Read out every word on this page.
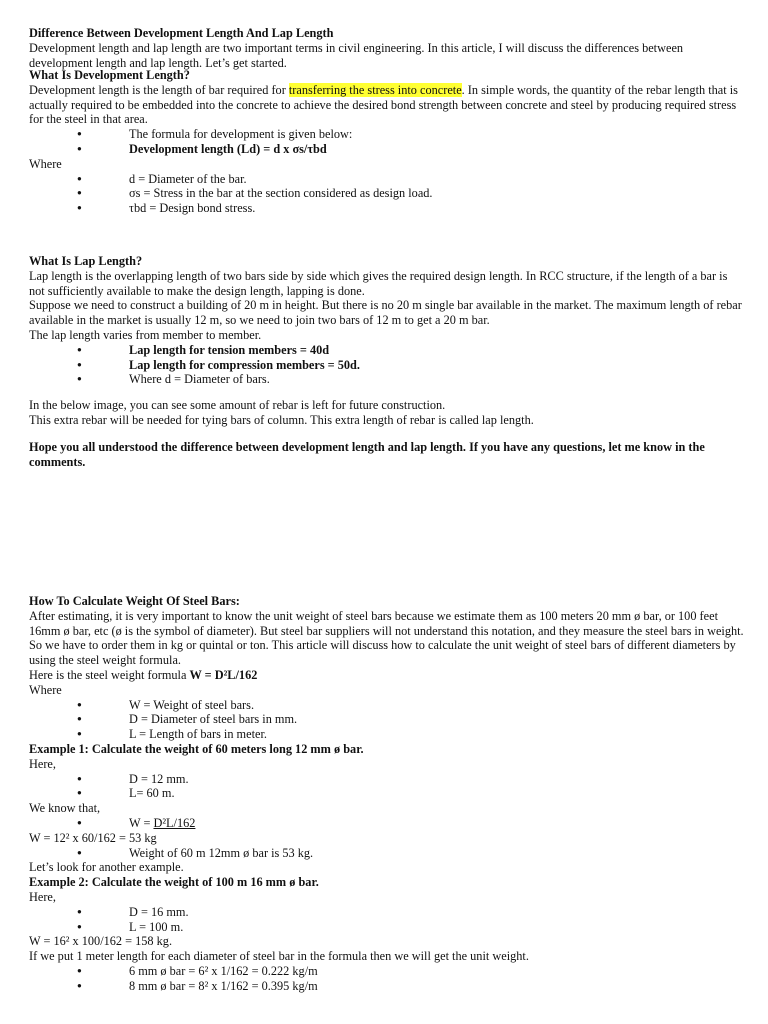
Difference Between Development Length And Lap Length

Development length and lap length are two important terms in civil engineering. In this article, I will discuss the differences between development length and lap length. Let’s get started.

What Is Development Length?

Development length is the length of bar required for transferring the stress into concrete. In simple words, the quantity of the rebar length that is actually required to be embedded into the concrete to achieve the desired bond strength between concrete and steel by producing required stress for the steel in that area.

● The formula for development is given below:
● Development length (Ld) = d x σs/τbd

Where

● d = Diameter of the bar.
● σs = Stress in the bar at the section considered as design load.
● τbd = Design bond stress.

What Is Lap Length?

Lap length is the overlapping length of two bars side by side which gives the required design length. In RCC structure, if the length of a bar is not sufficiently available to make the design length, lapping is done.

Suppose we need to construct a building of 20 m in height. But there is no 20 m single bar available in the market. The maximum length of rebar available in the market is usually 12 m, so we need to join two bars of 12 m to get a 20 m bar.

The lap length varies from member to member.

● Lap length for tension members = 40d
● Lap length for compression members = 50d.
● Where d = Diameter of bars.

In the below image, you can see some amount of rebar is left for future construction.

This extra rebar will be needed for tying bars of column. This extra length of rebar is called lap length.

Hope you all understood the difference between development length and lap length. If you have any questions, let me know in the comments.

How To Calculate Weight Of Steel Bars:

After estimating, it is very important to know the unit weight of steel bars because we estimate them as 100 meters 20 mm ø bar, or 100 feet 16mm ø bar, etc (ø is the symbol of diameter). But steel bar suppliers will not understand this notation, and they measure the steel bars in weight.

So we have to order them in kg or quintal or ton. This article will discuss how to calculate the unit weight of steel bars of different diameters by using the steel weight formula.

Here is the steel weight formula W = D²L/162

Where

● W = Weight of steel bars.
● D = Diameter of steel bars in mm.
● L = Length of bars in meter.

Example 1: Calculate the weight of 60 meters long 12 mm ø bar.

Here,

● D = 12 mm.
● L= 60 m.

We know that,

● W = D²L/162

W = 12² x 60/162 = 53 kg

● Weight of 60 m 12mm ø bar is 53 kg.

Let’s look for another example.

Example 2: Calculate the weight of 100 m 16 mm ø bar.

Here,

● D = 16 mm.
● L = 100 m.

W = 16² x 100/162 = 158 kg.

If we put 1 meter length for each diameter of steel bar in the formula then we will get the unit weight.

● 6 mm ø bar = 6² x 1/162 = 0.222 kg/m
● 8 mm ø bar = 8² x 1/162 = 0.395 kg/m
